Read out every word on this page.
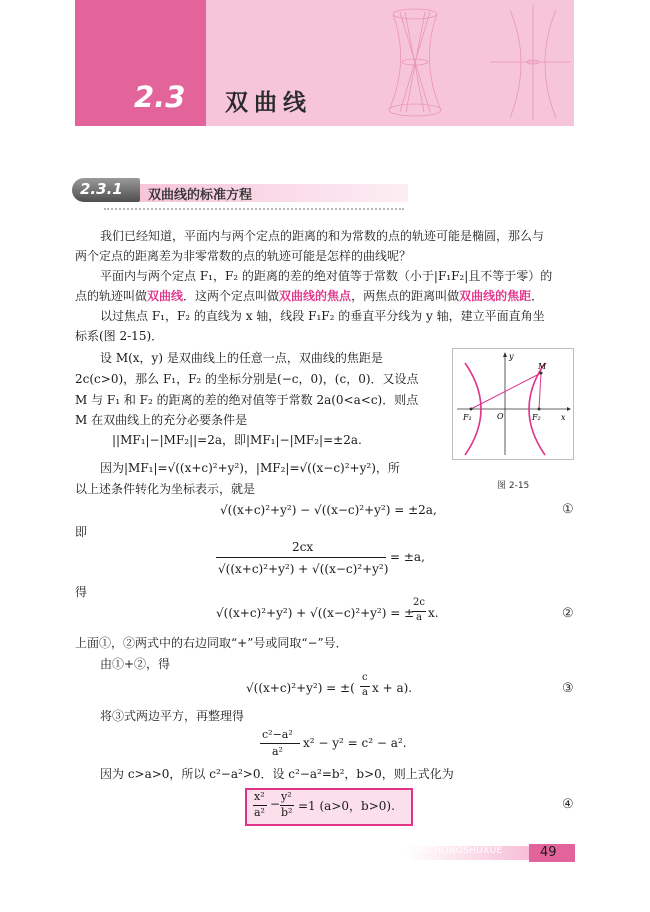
2.3 双曲线
2.3.1 双曲线的标准方程
我们已经知道，平面内与两个定点的距离的和为常数的点的轨迹可能是椭圆，那么与
两个定点的距离差为非零常数的点的轨迹可能是怎样的曲线呢？
平面内与两个定点 F₁，F₂ 的距离的差的绝对值等于常数（小于|F₁F₂|且不等于零）的
点的轨迹叫做双曲线．这两个定点叫做双曲线的焦点，两焦点的距离叫做双曲线的焦距．
以过焦点 F₁，F₂ 的直线为 x 轴，线段 F₁F₂ 的垂直平分线为 y 轴，建立平面直角坐
标系(图 2-15)．
设 M(x，y) 是双曲线上的任意一点，双曲线的焦距是
2c(c>0)，那么 F₁，F₂ 的坐标分别是(−c，0)，(c，0)．又设点
M 与 F₁ 和 F₂ 的距离的差的绝对值等于常数 2a(0<a<c)．则点
M 在双曲线上的充分必要条件是
||MF₁|−|MF₂||=2a，即|MF₁|−|MF₂|=±2a.
y
x
M
F₁	O	F₂
图 2-15
因为|MF₁|=√((x+c)²+y²)，|MF₂|=√((x−c)²+y²)，所
以上述条件转化为坐标表示，就是
√((x+c)²+y²) − √((x−c)²+y²) = ±2a,	①
即
2cx
√((x+c)²+y²) + √((x−c)²+y²)
= ±a,
得
√((x+c)²+y²) + √((x−c)²+y²) = ±
2c
a x.	②
上面①，②两式中的右边同取“+”号或同取“−”号．
由①+②，得
√((x+c)²+y²) = ±(
c
a x + a).	③
将③式两边平方，再整理得
c²−a²
a²
x² − y² = c² − a².
因为 c>a>0，所以 c²−a²>0．设 c²−a²=b²，b>0，则上式化为
x²
a²
−
y²
b² =1 (a>0，b>0).	④
GAOZHONGSHUXUE	49
